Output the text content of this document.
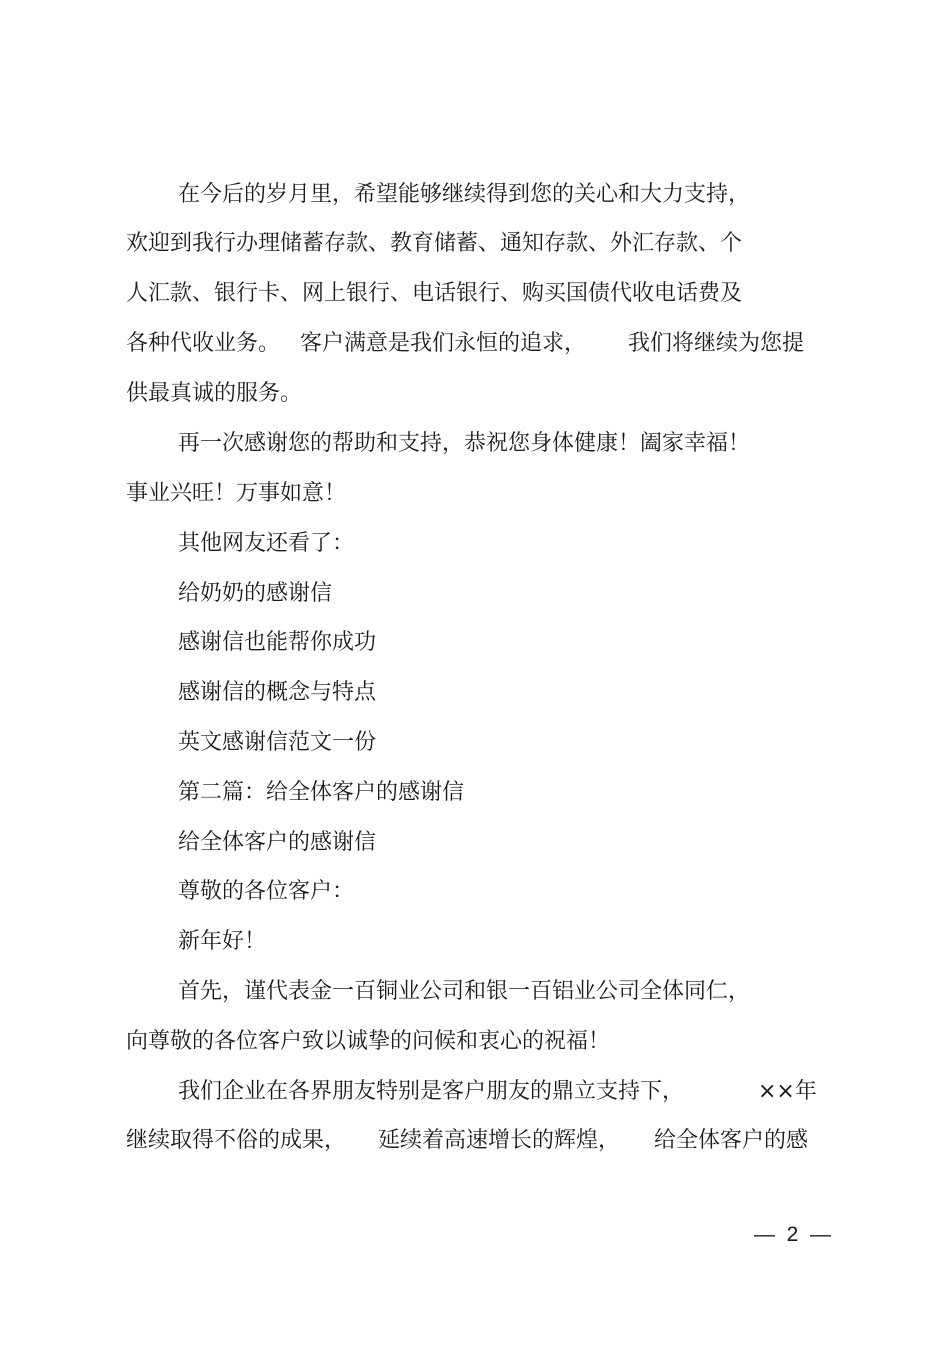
在今后的岁月里，希望能够继续得到您的关心和大力支持，
欢迎到我行办理储蓄存款、教育储蓄、通知存款、外汇存款、个
人汇款、银行卡、网上银行、电话银行、购买国债代收电话费及

各种代收业务。

客户满意是我们永恒的追求，

我们将继续为您提

供最真诚的服务。
再一次感谢您的帮助和支持，恭祝您身体健康！阖家幸福！
事业兴旺！万事如意！
其他网友还看了：
给奶奶的感谢信
感谢信也能帮你成功
感谢信的概念与特点
英文感谢信范文一份
第二篇：给全体客户的感谢信
给全体客户的感谢信
尊敬的各位客户：
新年好！
首先，谨代表金一百铜业公司和银一百铝业公司全体同仁，
向尊敬的各位客户致以诚挚的问候和衷心的祝福！

我们企业在各界朋友特别是客户朋友的鼎立支持下，

	××年

继续取得不俗的成果，

延续着高速增长的辉煌，

给全体客户的感

—  2  —
